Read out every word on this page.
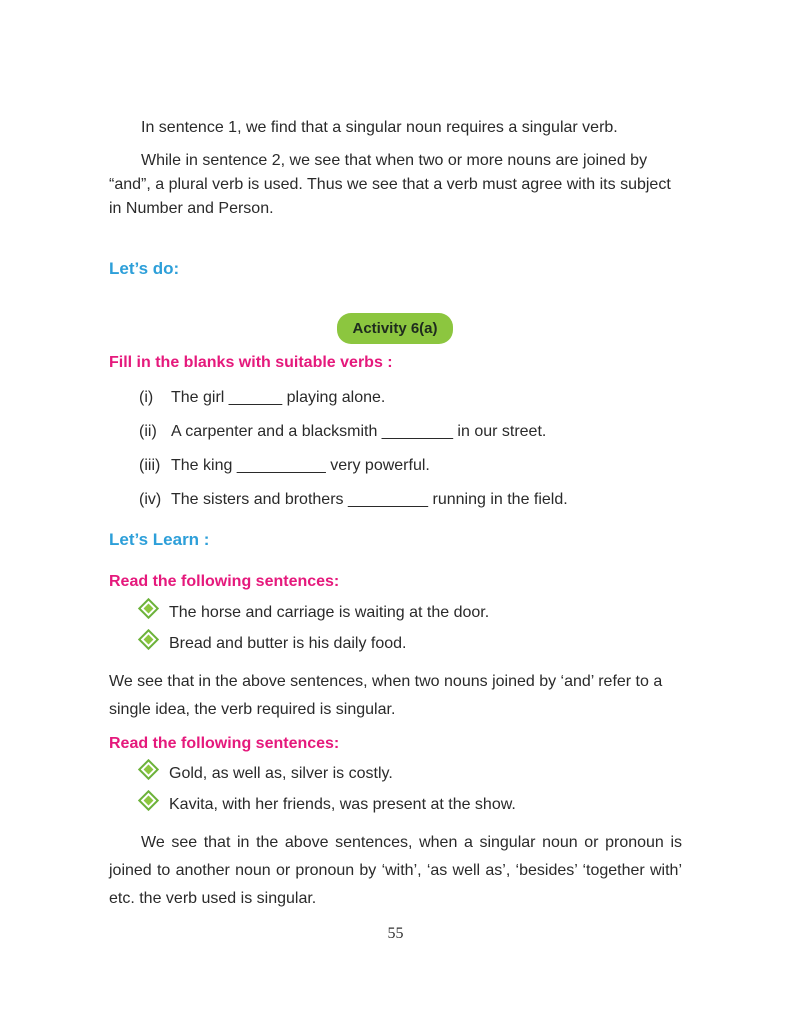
In sentence 1, we find that a singular noun requires a singular verb.

While in sentence 2, we see that when two or more nouns are joined by “and”, a plural verb is used. Thus we see that a verb must agree with its subject in Number and Person.

Let’s do:
Activity 6(a)
Fill in the blanks with suitable verbs :
(i) The girl ______ playing alone.
(ii) A carpenter and a blacksmith ________ in our street.
(iii) The king __________ very powerful.
(iv) The sisters and brothers _________ running in the field.
Let’s Learn :
Read the following sentences:
The horse and carriage is waiting at the door.
Bread and butter is his daily food.

We see that in the above sentences, when two nouns joined by ‘and’ refer to a single idea, the verb required is singular.

Read the following sentences:
Gold, as well as, silver is costly.
Kavita, with her friends, was present at the show.

We see that in the above sentences, when a singular noun or pronoun is joined to another noun or pronoun by ‘with’, ‘as well as’, ‘besides’ ‘together with’ etc. the verb used is singular.

55
